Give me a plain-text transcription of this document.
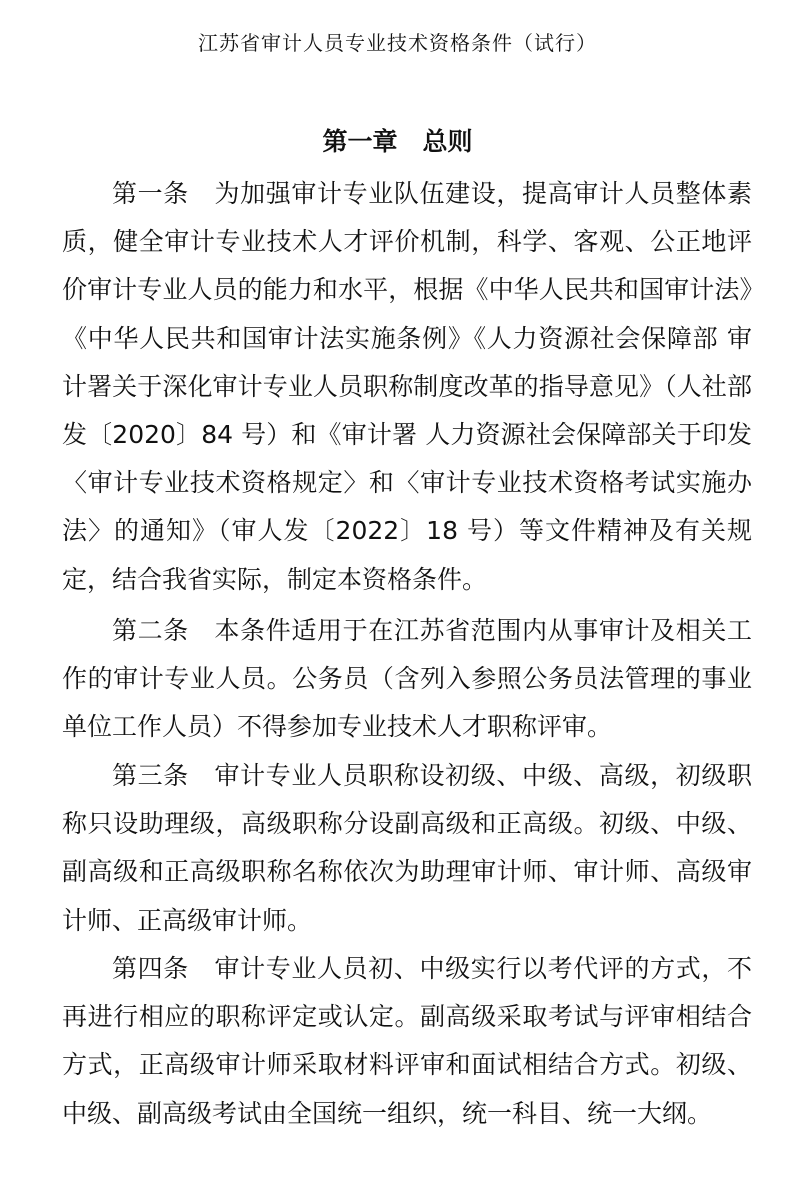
江苏省审计人员专业技术资格条件（试行）
第一章　总则

第一条　 为加强审计专业队伍建设，提高审计人员整体素质，健全审计专业技术人才评价机制，科学、客观、公正地评价审计专业人员的能力和水平，根据《中华人民共和国审计法》《中华人民共和国审计法实施条例》《人力资源社会保障部 审计署关于深化审计专业人员职称制度改革的指导意见》（人社部发〔2020〕84 号）和《审计署 人力资源社会保障部关于印发〈审计专业技术资格规定〉和〈审计专业技术资格考试实施办法〉的通知》（审人发〔2022〕18 号）等文件精神及有关规定，结合我省实际，制定本资格条件。

第二条　 本条件适用于在江苏省范围内从事审计及相关工作的审计专业人员。公务员（含列入参照公务员法管理的事业单位工作人员）不得参加专业技术人才职称评审。

第三条　 审计专业人员职称设初级、中级、高级，初级职称只设助理级，高级职称分设副高级和正高级。初级、中级、副高级和正高级职称名称依次为助理审计师、审计师、高级审计师、正高级审计师。

第四条　 审计专业人员初、中级实行以考代评的方式，不再进行相应的职称评定或认定。副高级采取考试与评审相结合方式，正高级审计师采取材料评审和面试相结合方式。初级、中级、副高级考试由全国统一组织，统一科目、统一大纲。
